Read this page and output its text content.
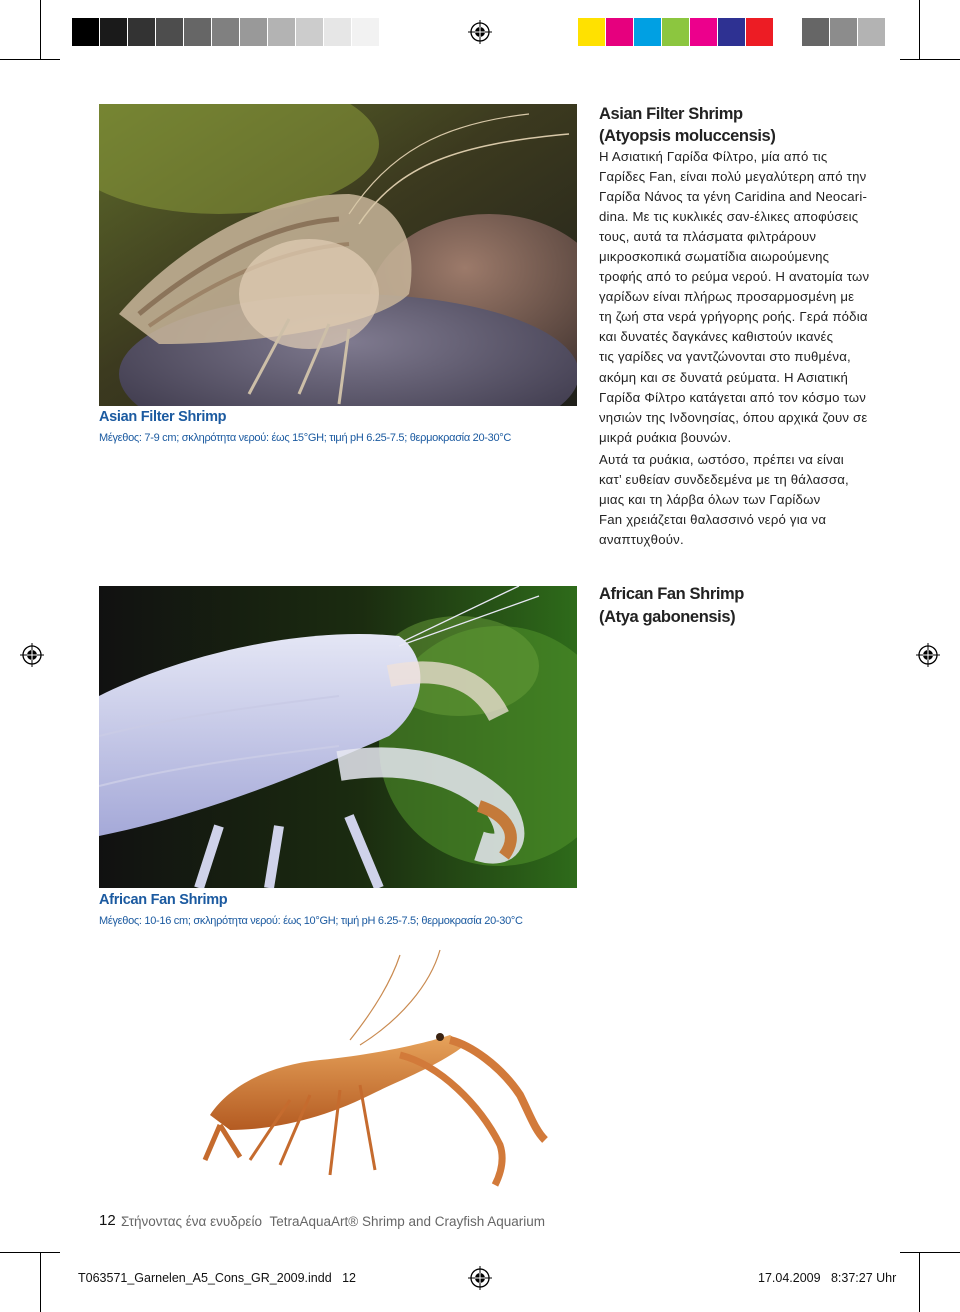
Asian Filter Shrimp
Μέγεθος: 7-9 cm; σκληρότητα νερού: έως 15°GH; τιμή pH 6.25-7.5; θερμοκρασία 20-30°C
African Fan Shrimp
Μέγεθος: 10-16 cm; σκληρότητα νερού: έως 10°GH; τιμή pH 6.25-7.5; θερμοκρασία 20-30°C
Asian Filter Shrimp
(Atyopsis moluccensis)

Η Ασιατική Γαρίδα Φίλτρο, μία από τις

Γαρίδες Fan, είναι πολύ μεγαλύτερη από την

Γαρίδα Νάνος τα γένη Caridina and Neocari-

dina. Με τις κυκλικές σαν-έλικες αποφύσεις

τους, αυτά τα πλάσματα φιλτράρουν

μικροσκοπικά σωματίδια αιωρούμενης

τροφής από το ρεύμα νερού. Η ανατομία των

γαρίδων είναι πλήρως προσαρμοσμένη με

τη ζωή στα νερά γρήγορης ροής. Γερά πόδια

και δυνατές δαγκάνες καθιστούν ικανές

τις γαρίδες να γαντζώνονται στο πυθμένα,

ακόμη και σε δυνατά ρεύματα. Η Ασιατική

Γαρίδα Φίλτρο κατάγεται από τον κόσμο των

νησιών της Ινδονησίας, όπου αρχικά ζουν σε

μικρά ρυάκια βουνών.

Αυτά τα ρυάκια, ωστόσο, πρέπει να είναι

κατ’ ευθείαν συνδεδεμένα με τη θάλασσα,

μιας και τη λάρβα όλων των Γαρίδων

Fan χρειάζεται θαλασσινό νερό για να

αναπτυχθούν.

African Fan Shrimp
(Atya gabonensis)
12 Στήνοντας ένα ενυδρείο TetraAquaArt® Shrimp and Crayfish Aquarium
T063571_Garnelen_A5_Cons_GR_2009.indd   12	17.04.2009   8:37:27 Uhr
